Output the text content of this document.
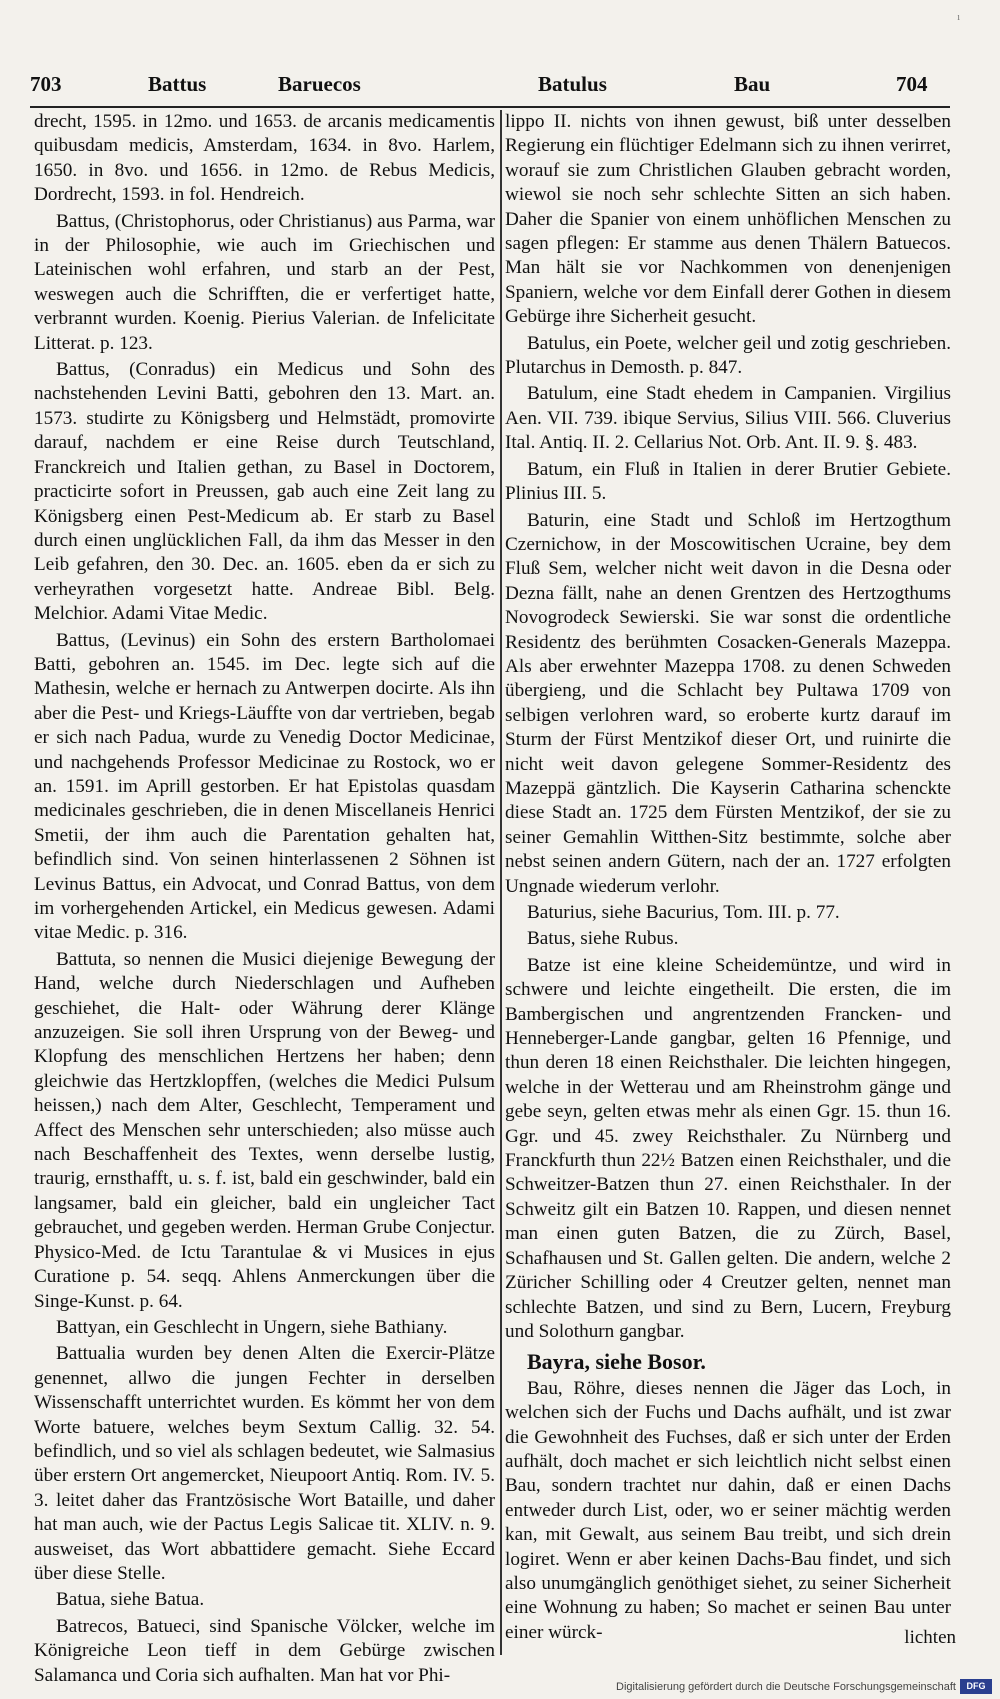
ı
703	Battus	Baruecos	Batulus	Bau	704

drecht, 1595. in 12mo. und 1653. de arcanis medicamentis quibusdam medicis, Amsterdam, 1634. in 8vo. Harlem, 1650. in 8vo. und 1656. in 12mo. de Rebus Medicis, Dordrecht, 1593. in fol. Hendreich.

Battus, (Christophorus, oder Christianus) aus Parma, war in der Philosophie, wie auch im Griechischen und Lateinischen wohl erfahren, und starb an der Pest, weswegen auch die Schrifften, die er verfertiget hatte, verbrannt wurden. Koenig. Pierius Valerian. de Infelicitate Litterat. p. 123.

Battus, (Conradus) ein Medicus und Sohn des nachstehenden Levini Batti, gebohren den 13. Mart. an. 1573. studirte zu Königsberg und Helmstädt, promovirte darauf, nachdem er eine Reise durch Teutschland, Franckreich und Italien gethan, zu Basel in Doctorem, practicirte sofort in Preussen, gab auch eine Zeit lang zu Königsberg einen Pest-Medicum ab. Er starb zu Basel durch einen unglücklichen Fall, da ihm das Messer in den Leib gefahren, den 30. Dec. an. 1605. eben da er sich zu verheyrathen vorgesetzt hatte. Andreae Bibl. Belg. Melchior. Adami Vitae Medic.

Battus, (Levinus) ein Sohn des erstern Bartholomaei Batti, gebohren an. 1545. im Dec. legte sich auf die Mathesin, welche er hernach zu Antwerpen docirte. Als ihn aber die Pest- und Kriegs-Läuffte von dar vertrieben, begab er sich nach Padua, wurde zu Venedig Doctor Medicinae, und nachgehends Professor Medicinae zu Rostock, wo er an. 1591. im Aprill gestorben. Er hat Epistolas quasdam medicinales geschrieben, die in denen Miscellaneis Henrici Smetii, der ihm auch die Parentation gehalten hat, befindlich sind. Von seinen hinterlassenen 2 Söhnen ist Levinus Battus, ein Advocat, und Conrad Battus, von dem im vorhergehenden Artickel, ein Medicus gewesen. Adami vitae Medic. p. 316.

Battuta, so nennen die Musici diejenige Bewegung der Hand, welche durch Niederschlagen und Aufheben geschiehet, die Halt- oder Währung derer Klänge anzuzeigen. Sie soll ihren Ursprung von der Beweg- und Klopfung des menschlichen Hertzens her haben; denn gleichwie das Hertzklopffen, (welches die Medici Pulsum heissen,) nach dem Alter, Geschlecht, Temperament und Affect des Menschen sehr unterschieden; also müsse auch nach Beschaffenheit des Textes, wenn derselbe lustig, traurig, ernsthafft, u. s. f. ist, bald ein geschwinder, bald ein langsamer, bald ein gleicher, bald ein ungleicher Tact gebrauchet, und gegeben werden. Herman Grube Conjectur. Physico-Med. de Ictu Tarantulae & vi Musices in ejus Curatione p. 54. seqq. Ahlens Anmerckungen über die Singe-Kunst. p. 64.

Battyan, ein Geschlecht in Ungern, siehe Bathiany.

Battualia wurden bey denen Alten die Exercir-Plätze genennet, allwo die jungen Fechter in derselben Wissenschafft unterrichtet wurden. Es kömmt her von dem Worte batuere, welches beym Sextum Callig. 32. 54. befindlich, und so viel als schlagen bedeutet, wie Salmasius über erstern Ort angemercket, Nieupoort Antiq. Rom. IV. 5. 3. leitet daher das Frantzösische Wort Bataille, und daher hat man auch, wie der Pactus Legis Salicae tit. XLIV. n. 9. ausweiset, das Wort abbattidere gemacht. Siehe Eccard über diese Stelle.

Batua, siehe Batua.

Batrecos, Batueci, sind Spanische Völcker, welche im Königreiche Leon tieff in dem Gebürge zwischen Salamanca und Coria sich aufhalten. Man hat vor Phi-

lippo II. nichts von ihnen gewust, biß unter desselben Regierung ein flüchtiger Edelmann sich zu ihnen verirret, worauf sie zum Christlichen Glauben gebracht worden, wiewol sie noch sehr schlechte Sitten an sich haben. Daher die Spanier von einem unhöflichen Menschen zu sagen pflegen: Er stamme aus denen Thälern Batuecos. Man hält sie vor Nachkommen von denenjenigen Spaniern, welche vor dem Einfall derer Gothen in diesem Gebürge ihre Sicherheit gesucht.

Batulus, ein Poete, welcher geil und zotig geschrieben. Plutarchus in Demosth. p. 847.

Batulum, eine Stadt ehedem in Campanien. Virgilius Aen. VII. 739. ibique Servius, Silius VIII. 566. Cluverius Ital. Antiq. II. 2. Cellarius Not. Orb. Ant. II. 9. §. 483.

Batum, ein Fluß in Italien in derer Brutier Gebiete. Plinius III. 5.

Baturin, eine Stadt und Schloß im Hertzogthum Czernichow, in der Moscowitischen Ucraine, bey dem Fluß Sem, welcher nicht weit davon in die Desna oder Dezna fällt, nahe an denen Grentzen des Hertzogthums Novogrodeck Sewierski. Sie war sonst die ordentliche Residentz des berühmten Cosacken-Generals Mazeppa. Als aber erwehnter Mazeppa 1708. zu denen Schweden übergieng, und die Schlacht bey Pultawa 1709 von selbigen verlohren ward, so eroberte kurtz darauf im Sturm der Fürst Mentzikof dieser Ort, und ruinirte die nicht weit davon gelegene Sommer-Residentz des Mazeppä gäntzlich. Die Kayserin Catharina schenckte diese Stadt an. 1725 dem Fürsten Mentzikof, der sie zu seiner Gemahlin Witthen-Sitz bestimmte, solche aber nebst seinen andern Gütern, nach der an. 1727 erfolgten Ungnade wiederum verlohr.

Baturius, siehe Bacurius, Tom. III. p. 77.

Batus, siehe Rubus.

Batze ist eine kleine Scheidemüntze, und wird in schwere und leichte eingetheilt. Die ersten, die im Bambergischen und angrentzenden Francken- und Henneberger-Lande gangbar, gelten 16 Pfennige, und thun deren 18 einen Reichsthaler. Die leichten hingegen, welche in der Wetterau und am Rheinstrohm gänge und gebe seyn, gelten etwas mehr als einen Ggr. 15. thun 16. Ggr. und 45. zwey Reichsthaler. Zu Nürnberg und Franckfurth thun 22½ Batzen einen Reichsthaler, und die Schweitzer-Batzen thun 27. einen Reichsthaler. In der Schweitz gilt ein Batzen 10. Rappen, und diesen nennet man einen guten Batzen, die zu Zürch, Basel, Schafhausen und St. Gallen gelten. Die andern, welche 2 Züricher Schilling oder 4 Creutzer gelten, nennet man schlechte Batzen, und sind zu Bern, Lucern, Freyburg und Solothurn gangbar.

Bayra, siehe Bosor.

Bau, Röhre, dieses nennen die Jäger das Loch, in welchen sich der Fuchs und Dachs aufhält, und ist zwar die Gewohnheit des Fuchses, daß er sich unter der Erden aufhält, doch machet er sich leichtlich nicht selbst einen Bau, sondern trachtet nur dahin, daß er einen Dachs entweder durch List, oder, wo er seiner mächtig werden kan, mit Gewalt, aus seinem Bau treibt, und sich drein logiret. Wenn er aber keinen Dachs-Bau findet, und sich also unumgänglich genöthiget siehet, zu seiner Sicherheit eine Wohnung zu haben; So machet er seinen Bau unter einer würck-	lichten
Digitalisierung gefördert durch die Deutsche Forschungsgemeinschaft	DFG
